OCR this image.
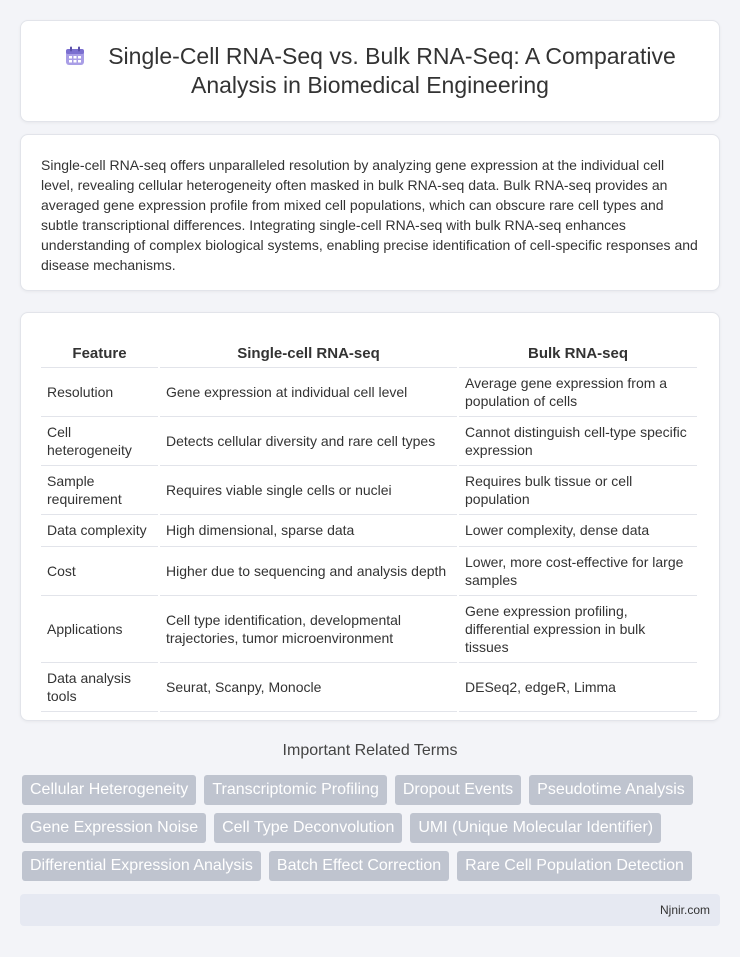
Single-Cell RNA-Seq vs. Bulk RNA-Seq: A Comparative Analysis in Biomedical Engineering

Single-cell RNA-seq offers unparalleled resolution by analyzing gene expression at the individual cell level, revealing cellular heterogeneity often masked in bulk RNA-seq data. Bulk RNA-seq provides an averaged gene expression profile from mixed cell populations, which can obscure rare cell types and subtle transcriptional differences. Integrating single-cell RNA-seq with bulk RNA-seq enhances understanding of complex biological systems, enabling precise identification of cell-specific responses and disease mechanisms.

Feature	Single-cell RNA-seq	Bulk RNA-seq
Resolution	Gene expression at individual cell level	Average gene expression from a population of cells
Cell heterogeneity	Detects cellular diversity and rare cell types	Cannot distinguish cell-type specific expression
Sample requirement	Requires viable single cells or nuclei	Requires bulk tissue or cell population
Data complexity	High dimensional, sparse data	Lower complexity, dense data
Cost	Higher due to sequencing and analysis depth	Lower, more cost-effective for large samples
Applications	Cell type identification, developmental trajectories, tumor microenvironment	Gene expression profiling, differential expression in bulk tissues
Data analysis tools	Seurat, Scanpy, Monocle	DESeq2, edgeR, Limma
Important Related Terms
Cellular Heterogeneity	Transcriptomic Profiling	Dropout Events	Pseudotime Analysis
Gene Expression Noise	Cell Type Deconvolution	UMI (Unique Molecular Identifier)
Differential Expression Analysis	Batch Effect Correction	Rare Cell Population Detection
Njnir.com
